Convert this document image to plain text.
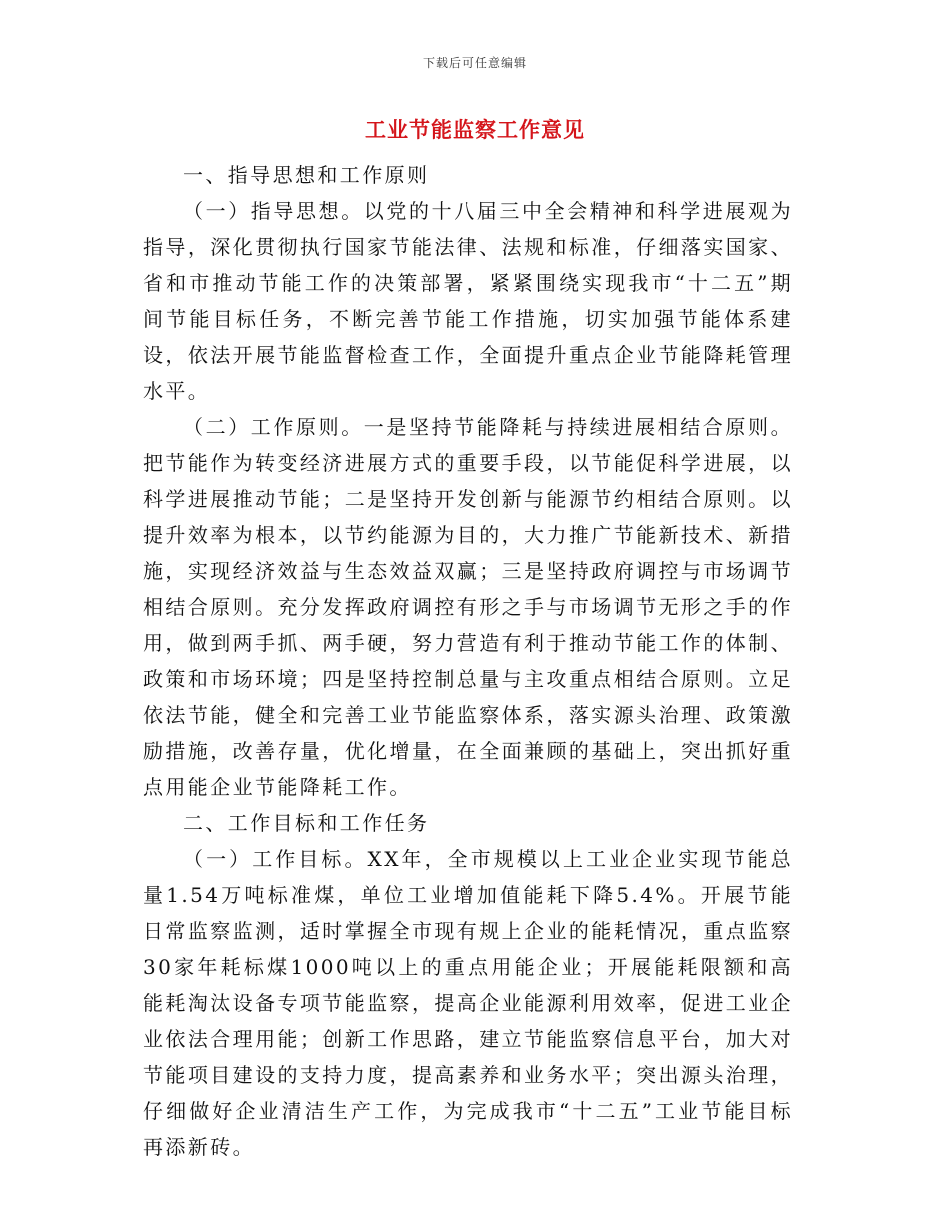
下载后可任意编辑
工业节能监察工作意见

一、指导思想和工作原则

（一）指导思想。以党的十八届三中全会精神和科学进展观为指导，深化贯彻执行国家节能法律、法规和标准，仔细落实国家、省和市推动节能工作的决策部署，紧紧围绕实现我市“十二五”期间节能目标任务，不断完善节能工作措施，切实加强节能体系建设，依法开展节能监督检查工作，全面提升重点企业节能降耗管理水平。

（二）工作原则。一是坚持节能降耗与持续进展相结合原则。把节能作为转变经济进展方式的重要手段，以节能促科学进展，以科学进展推动节能；二是坚持开发创新与能源节约相结合原则。以提升效率为根本，以节约能源为目的，大力推广节能新技术、新措施，实现经济效益与生态效益双赢；三是坚持政府调控与市场调节相结合原则。充分发挥政府调控有形之手与市场调节无形之手的作用，做到两手抓、两手硬，努力营造有利于推动节能工作的体制、政策和市场环境；四是坚持控制总量与主攻重点相结合原则。立足依法节能，健全和完善工业节能监察体系，落实源头治理、政策激励措施，改善存量，优化增量，在全面兼顾的基础上，突出抓好重点用能企业节能降耗工作。

二、工作目标和工作任务

（一）工作目标。XX年，全市规模以上工业企业实现节能总量1.54万吨标准煤，单位工业增加值能耗下降5.4%。开展节能日常监察监测，适时掌握全市现有规上企业的能耗情况，重点监察30家年耗标煤1000吨以上的重点用能企业；开展能耗限额和高能耗淘汰设备专项节能监察，提高企业能源利用效率，促进工业企业依法合理用能；创新工作思路，建立节能监察信息平台，加大对节能项目建设的支持力度，提高素养和业务水平；突出源头治理，仔细做好企业清洁生产工作，为完成我市“十二五”工业节能目标再添新砖。
